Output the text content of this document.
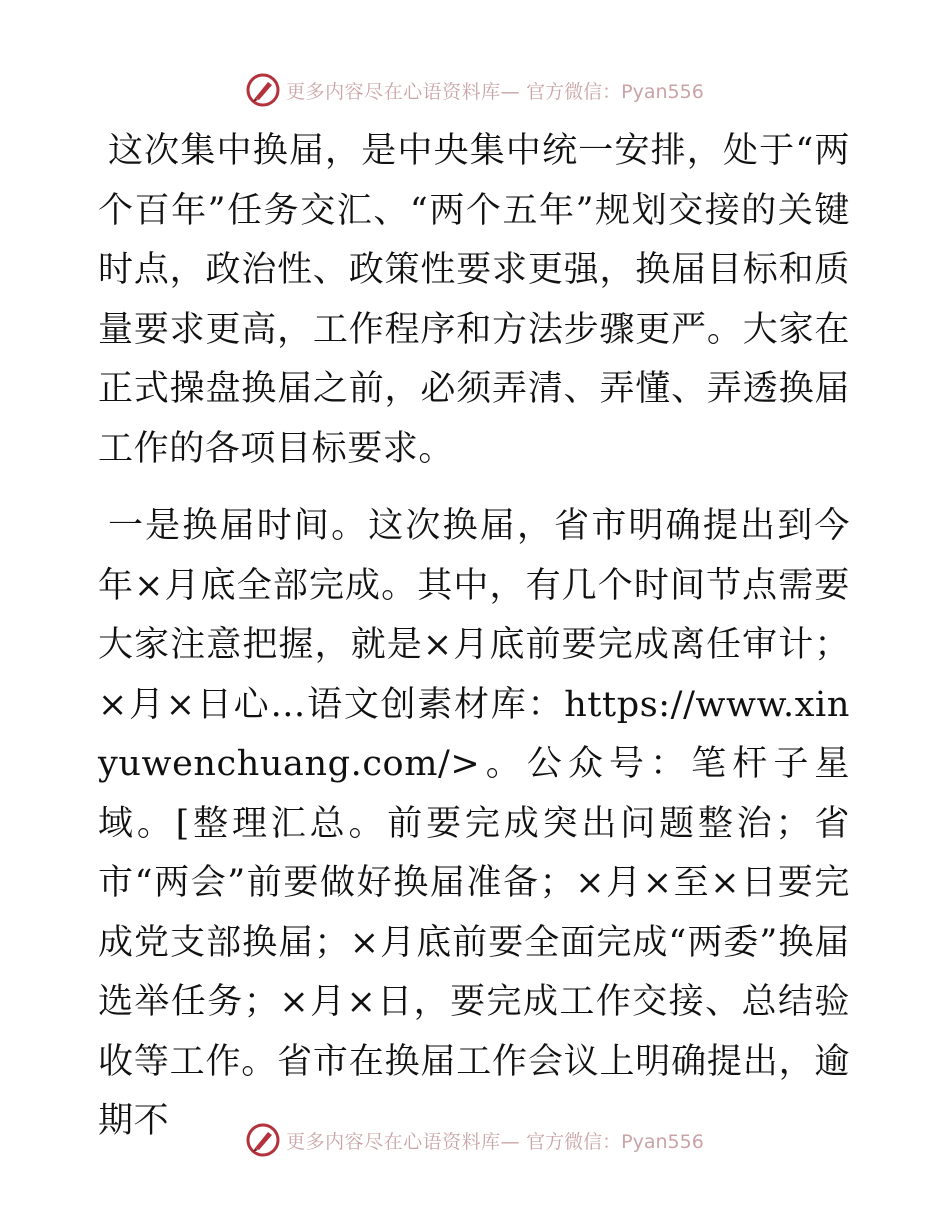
更多内容尽在心语资料库— 官方微信：Pyan556

这次集中换届，是中央集中统一安排，处于“两个百年”任务交汇、“两个五年”规划交接的关键时点，政治性、政策性要求更强，换届目标和质量要求更高，工作程序和方法步骤更严。大家在正式操盘换届之前，必须弄清、弄懂、弄透换届工作的各项目标要求。

一是换届时间。这次换届，省市明确提出到今年×月底全部完成。其中，有几个时间节点需要大家注意把握，就是×月底前要完成离任审计；×月×日心…语文创素材库：https://www.xinyuwenchuang.com/>。公众号：笔杆子星域。[整理汇总。前要完成突出问题整治；省市“两会”前要做好换届准备；×月×至×日要完成党支部换届；×月底前要全面完成“两委”换届选举任务；×月×日，要完成工作交接、总结验收等工作。省市在换届工作会议上明确提出，逾期不

更多内容尽在心语资料库— 官方微信：Pyan556
